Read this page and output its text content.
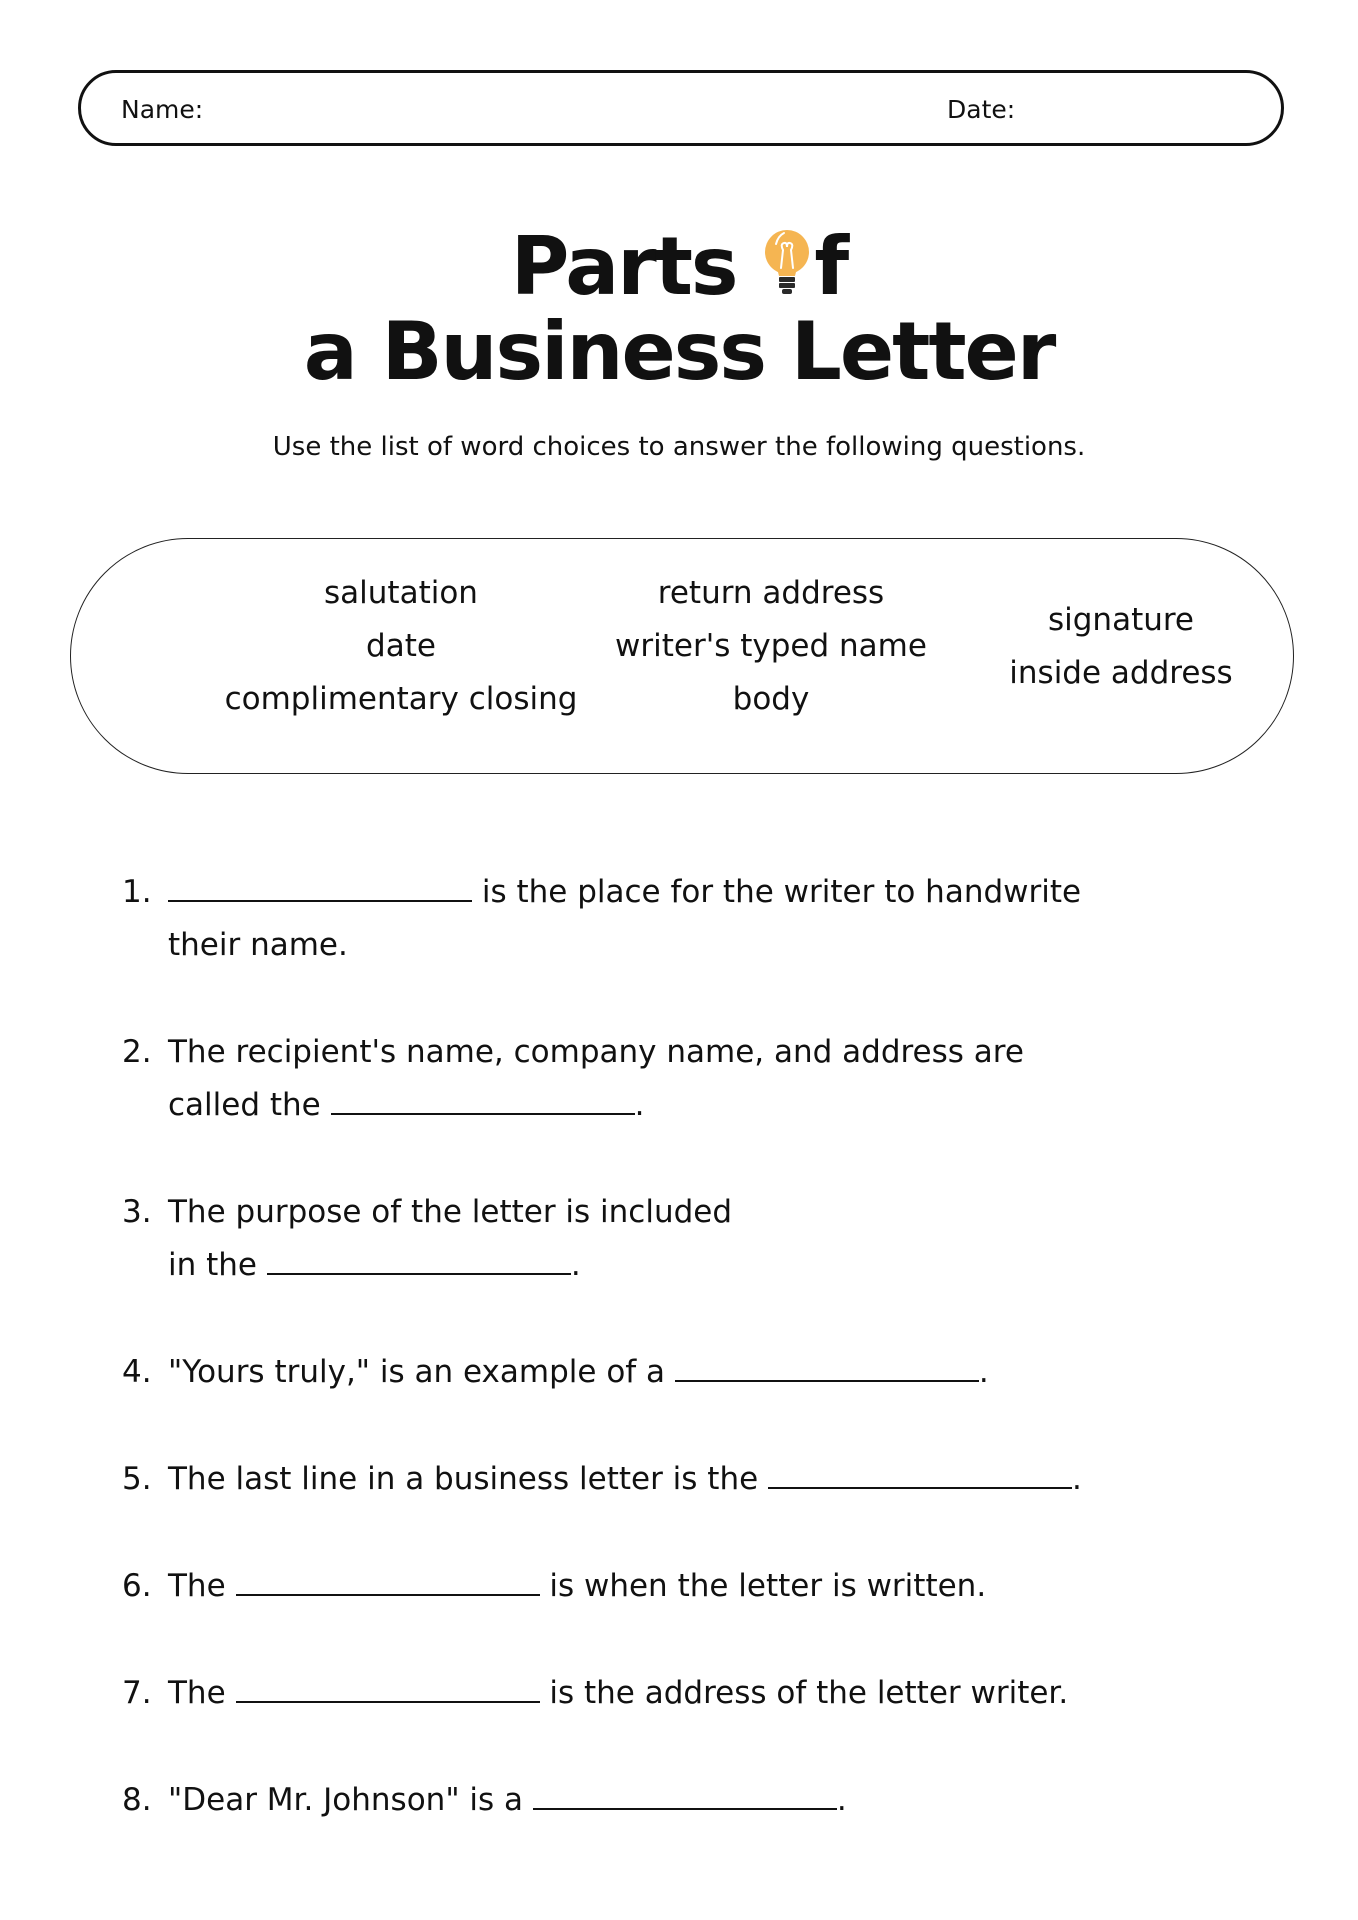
Name:	Date:
Parts f
a Business Letter
Use the list of word choices to answer the following questions.
salutation
date
complimentary closing
return address
writer's typed name
body
signature
inside address
1.	is the place for the writer to handwrite
their name.
2. The recipient's name, company name, and address are
called the	.
3. The purpose of the letter is included
in the	.
4. "Yours truly," is an example of a	.
5. The last line in a business letter is the	.
6. The	is when the letter is written.
7. The	is the address of the letter writer.
8. "Dear Mr. Johnson" is a	.
